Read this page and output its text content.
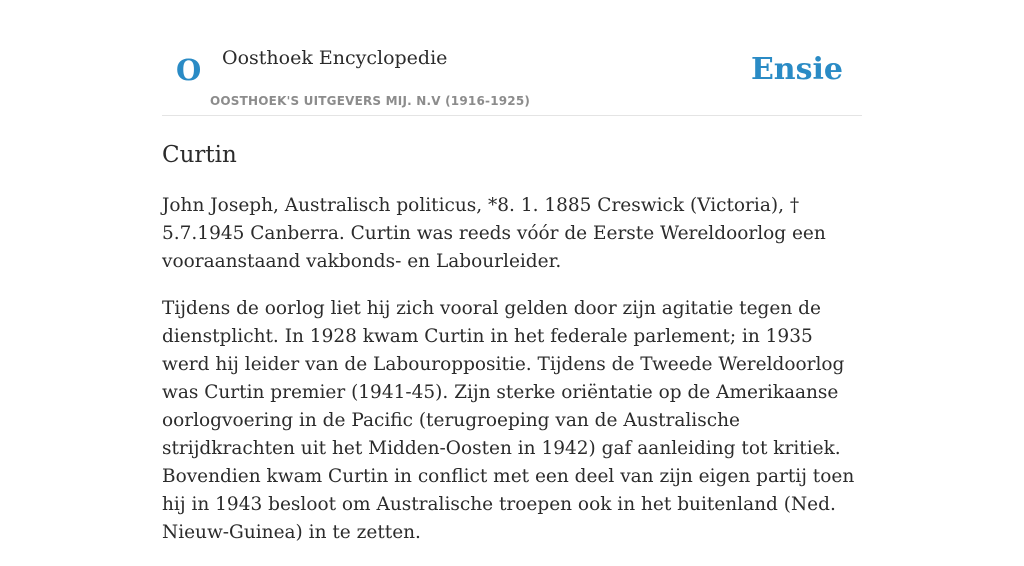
O Oosthoek Encyclopedie
OOSTHOEK'S UITGEVERS MIJ. N.V (1916-1925)
Ensie
Curtin

John Joseph, Australisch politicus, *8. 1. 1885 Creswick (Victoria), †  5.7.1945 Canberra. Curtin was reeds vóór de Eerste Wereldoorlog een vooraanstaand vakbonds- en Labourleider.

Tijdens de oorlog liet hij zich vooral gelden door zijn agitatie tegen de dienstplicht. In 1928 kwam Curtin in het federale parlement; in 1935 werd hij leider van de Labouroppositie. Tijdens de Tweede Wereldoorlog was Curtin premier (1941-45). Zijn sterke oriëntatie op de Amerikaanse oorlogvoering in de Pacific (terugroeping van de Australische strijdkrachten uit het Midden-Oosten in 1942) gaf aanleiding tot kritiek. Bovendien kwam Curtin in conflict met een deel van zijn eigen partij toen hij in 1943 besloot om Australische troepen ook in het buitenland (Ned. Nieuw-Guinea) in te zetten.
